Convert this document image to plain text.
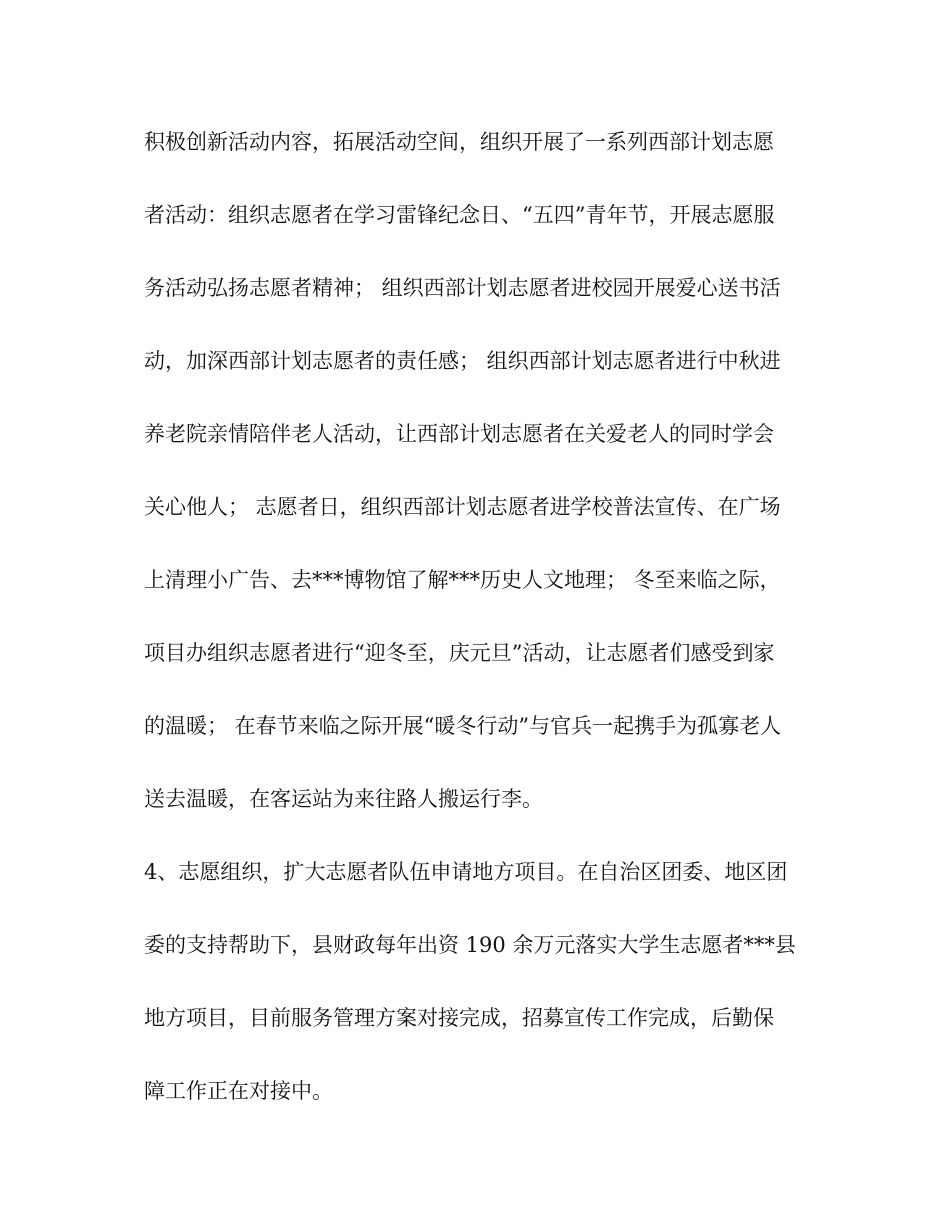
积极创新活动内容，拓展活动空间，组织开展了一系列西部计划志愿

者活动：组织志愿者在学习雷锋纪念日、“五四”青年节，开展志愿服

务活动弘扬志愿者精神； 组织西部计划志愿者进校园开展爱心送书活

动，加深西部计划志愿者的责任感； 组织西部计划志愿者进行中秋进

养老院亲情陪伴老人活动，让西部计划志愿者在关爱老人的同时学会

关心他人； 志愿者日，组织西部计划志愿者进学校普法宣传、在广场

上清理小广告、去***博物馆了解***历史人文地理； 冬至来临之际，

项目办组织志愿者进行“迎冬至，庆元旦”活动，让志愿者们感受到家

的温暖； 在春节来临之际开展“暖冬行动”与官兵一起携手为孤寡老人

送去温暖，在客运站为来往路人搬运行李。

4、志愿组织，扩大志愿者队伍申请地方项目。在自治区团委、地区团

委的支持帮助下，县财政每年出资 190 余万元落实大学生志愿者***县

地方项目，目前服务管理方案对接完成，招募宣传工作完成，后勤保

障工作正在对接中。
